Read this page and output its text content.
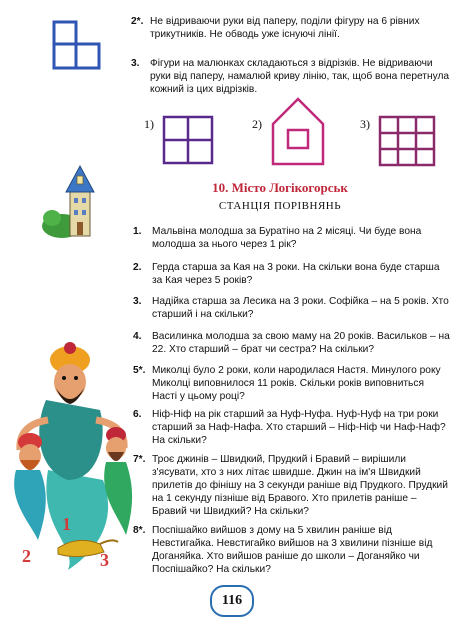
2*. Не відриваючи руки від паперу, поділи фігуру на 6 рівних трикутників. Не обводь уже існуючі лінії.
3.	Фігури на малюнках складаються з відрізків. Не відриваючи руки від паперу, намалюй криву лінію, так, щоб вона перетнула кожний із цих відрізків.
1)	2)	3)
10. Місто Логікогорськ
СТАНЦІЯ ПОРІВНЯНЬ
1.	Мальвіна молодша за Буратіно на 2 місяці. Чи буде вона молодша за нього через 1 рік?
2.	Герда старша за Кая на 3 роки. На скільки вона буде старша за Кая через 5 років?
3.	Надійка старша за Лесика на 3 роки. Софійка – на 5 років. Хто старший і на скільки?
4.	Василинка молодша за свою маму на 20 років. Васильков – на 22. Хто старший – брат чи сестра? На скільки?
5*. Миколці було 2 роки, коли народилася Настя. Минулого року Миколці виповнилося 11 років. Скільки років виповниться Насті у цьому році?
6.	Ніф-Ніф на рік старший за Нуф-Нуфа. Нуф-Нуф на три роки старший за Наф-Нафа. Хто старший – Ніф-Ніф чи Наф-Наф? На скільки?
7*. Троє джинів – Швидкий, Прудкий і Бравий – вирішили з'ясувати, хто з них літає швидше. Джин на ім'я Швидкий прилетів до фінішу на 3 секунди раніше від Прудкого. Прудкий на 1 секунду пізніше від Бравого. Хто прилетів раніше – Бравий чи Швидкий? На скільки?
8*. Поспішайко вийшов з дому на 5 хвилин раніше від Невстигайка. Невстигайко вийшов на 3 хвилини пізніше від Доганяйка. Хто вийшов раніше до школи – Доганяйко чи Поспішайко? На скільки?
2
1
3
116
